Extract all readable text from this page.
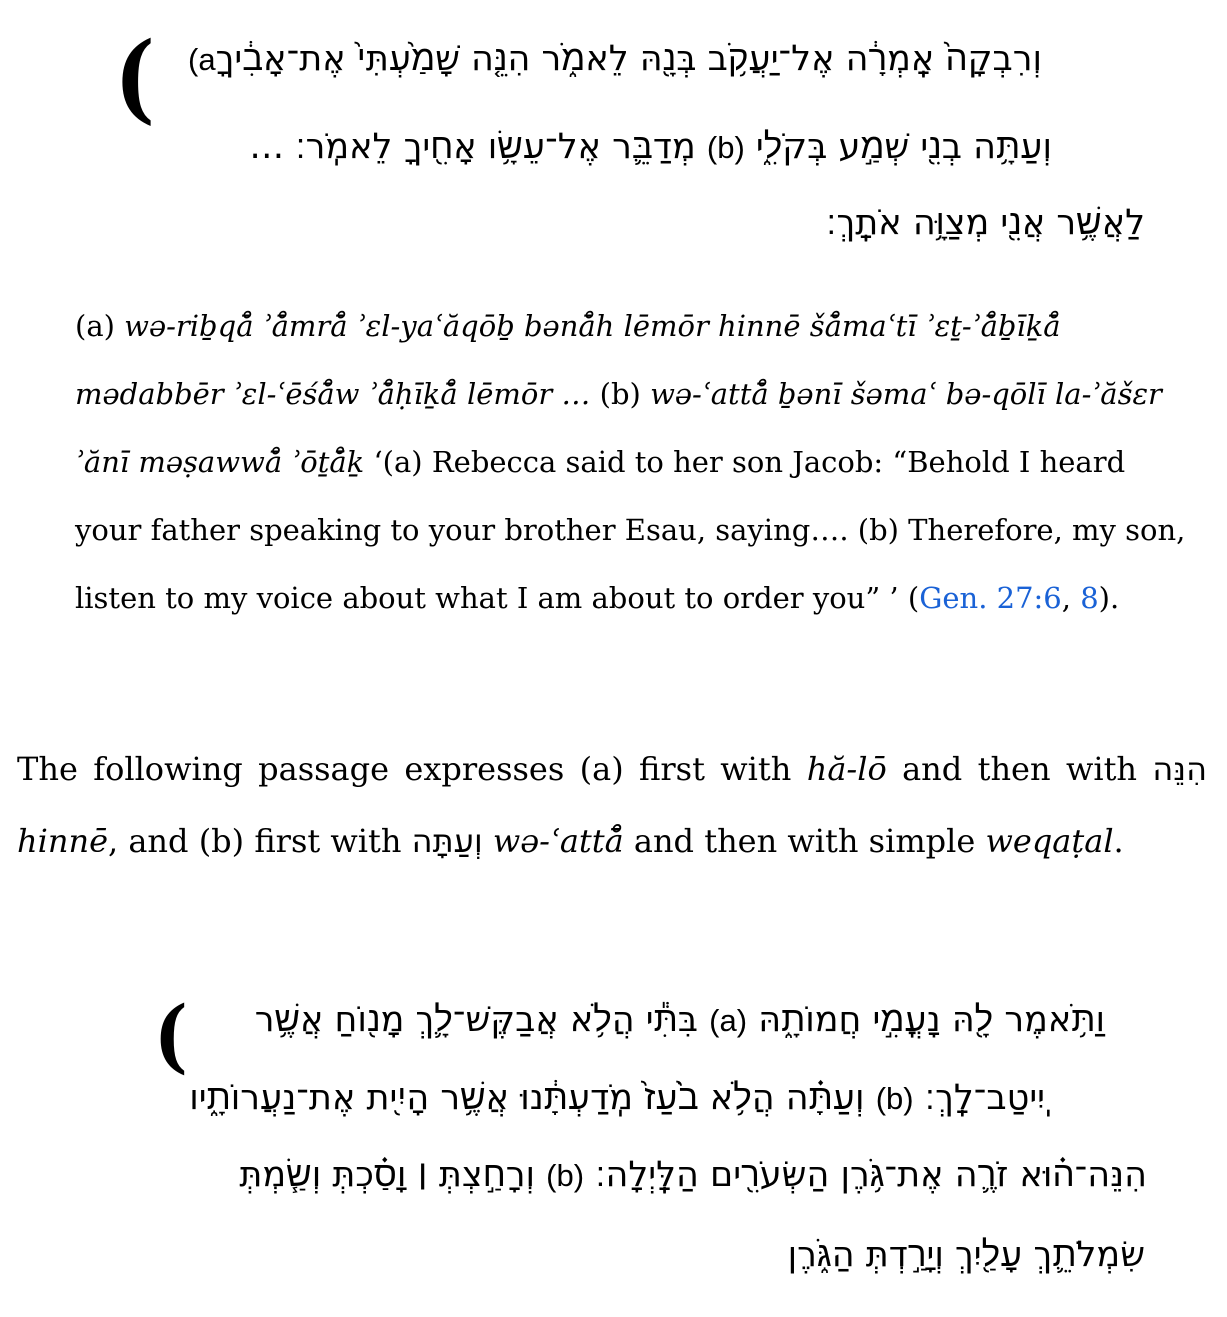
(aוְרִבְקָה֙ אָֽמְרָ֔ה אֶל־יַעֲקֹ֥ב בְּנָ֖הּ לֵאמֹ֑ר הִנֵּ֤ה שָׁמַ֙עְתִּי֙ אֶת־אָבִ֔יךָ
(
וְעַתָּ֥ה בְנִ֖י שְׁמַ֣ע בְּקֹלִ֑י (b) מְדַבֵּ֛ר אֶל־עֵשָׂ֥ו אָחִ֖יךָ לֵאמֹֽר׃ …
לַאֲשֶׁ֥ר אֲנִ֖י מְצַוָּ֥ה אֹתָֽךְ׃
(a) wə-riḇqā̊ ʾā̊mrā̊ ʾɛl-yaʿăqōḇ bənā̊h lēmōr hinnē šā̊maʿtī ʾɛṯ-ʾā̊ḇīḵā̊ mədabbēr ʾɛl-ʿēśā̊w ʾā̊ḥīḵā̊ lēmōr … (b) wə-ʿattā̊ ḇənī šəmaʿ bə-qōlī la-ʾăšɛr ʾănī məṣawwā̊ ʾōṯå̄ḵ ‘(a) Rebecca said to her son Jacob: “Behold I heard your father speaking to your brother Esau, saying…. (b) Therefore, my son, listen to my voice about what I am about to order you” ’ (Gen. 27:6, 8).
The following passage expresses (a) first with hă-lō and then with הִנֵּה hinnē, and (b) first with וְעַתָּה wə-ʿattā̊ and then with simple weqaṭal.
וַתֹּ֥אמֶר לָ֖הּ נָעֳמִ֣י חֲמוֹתָ֑הּ (a) בִּתִּ֕י הֲלֹ֥א אֲבַקֶּשׁ־לָ֛ךְ מָנ֖וֹחַ אֲשֶׁ֥ר
(
יִֽיטַב־לָֽךְ׃ (b) וְעַתָּ֗ה הֲלֹ֥א בֹ֙עַז֙ מֹֽדַעְתָּ֔נוּ אֲשֶׁ֥ר הָיִ֖ית אֶת־נַעֲרוֹתָ֑יו
הִנֵּה־ה֗וּא זֹרֶ֛ה אֶת־גֹּ֥רֶן הַשְּׂעֹרִ֖ים הַלָּֽיְלָה׃ (b) וְרָחַ֣צְתְּ ׀ וָסַ֗כְתְּ וְשַׂ֧מְתְּ
שִׂמְלֹתֵ֛ךְ עָלַ֖יִךְ וְיָרַ֣דְתְּ הַגֹּ֑רֶן
